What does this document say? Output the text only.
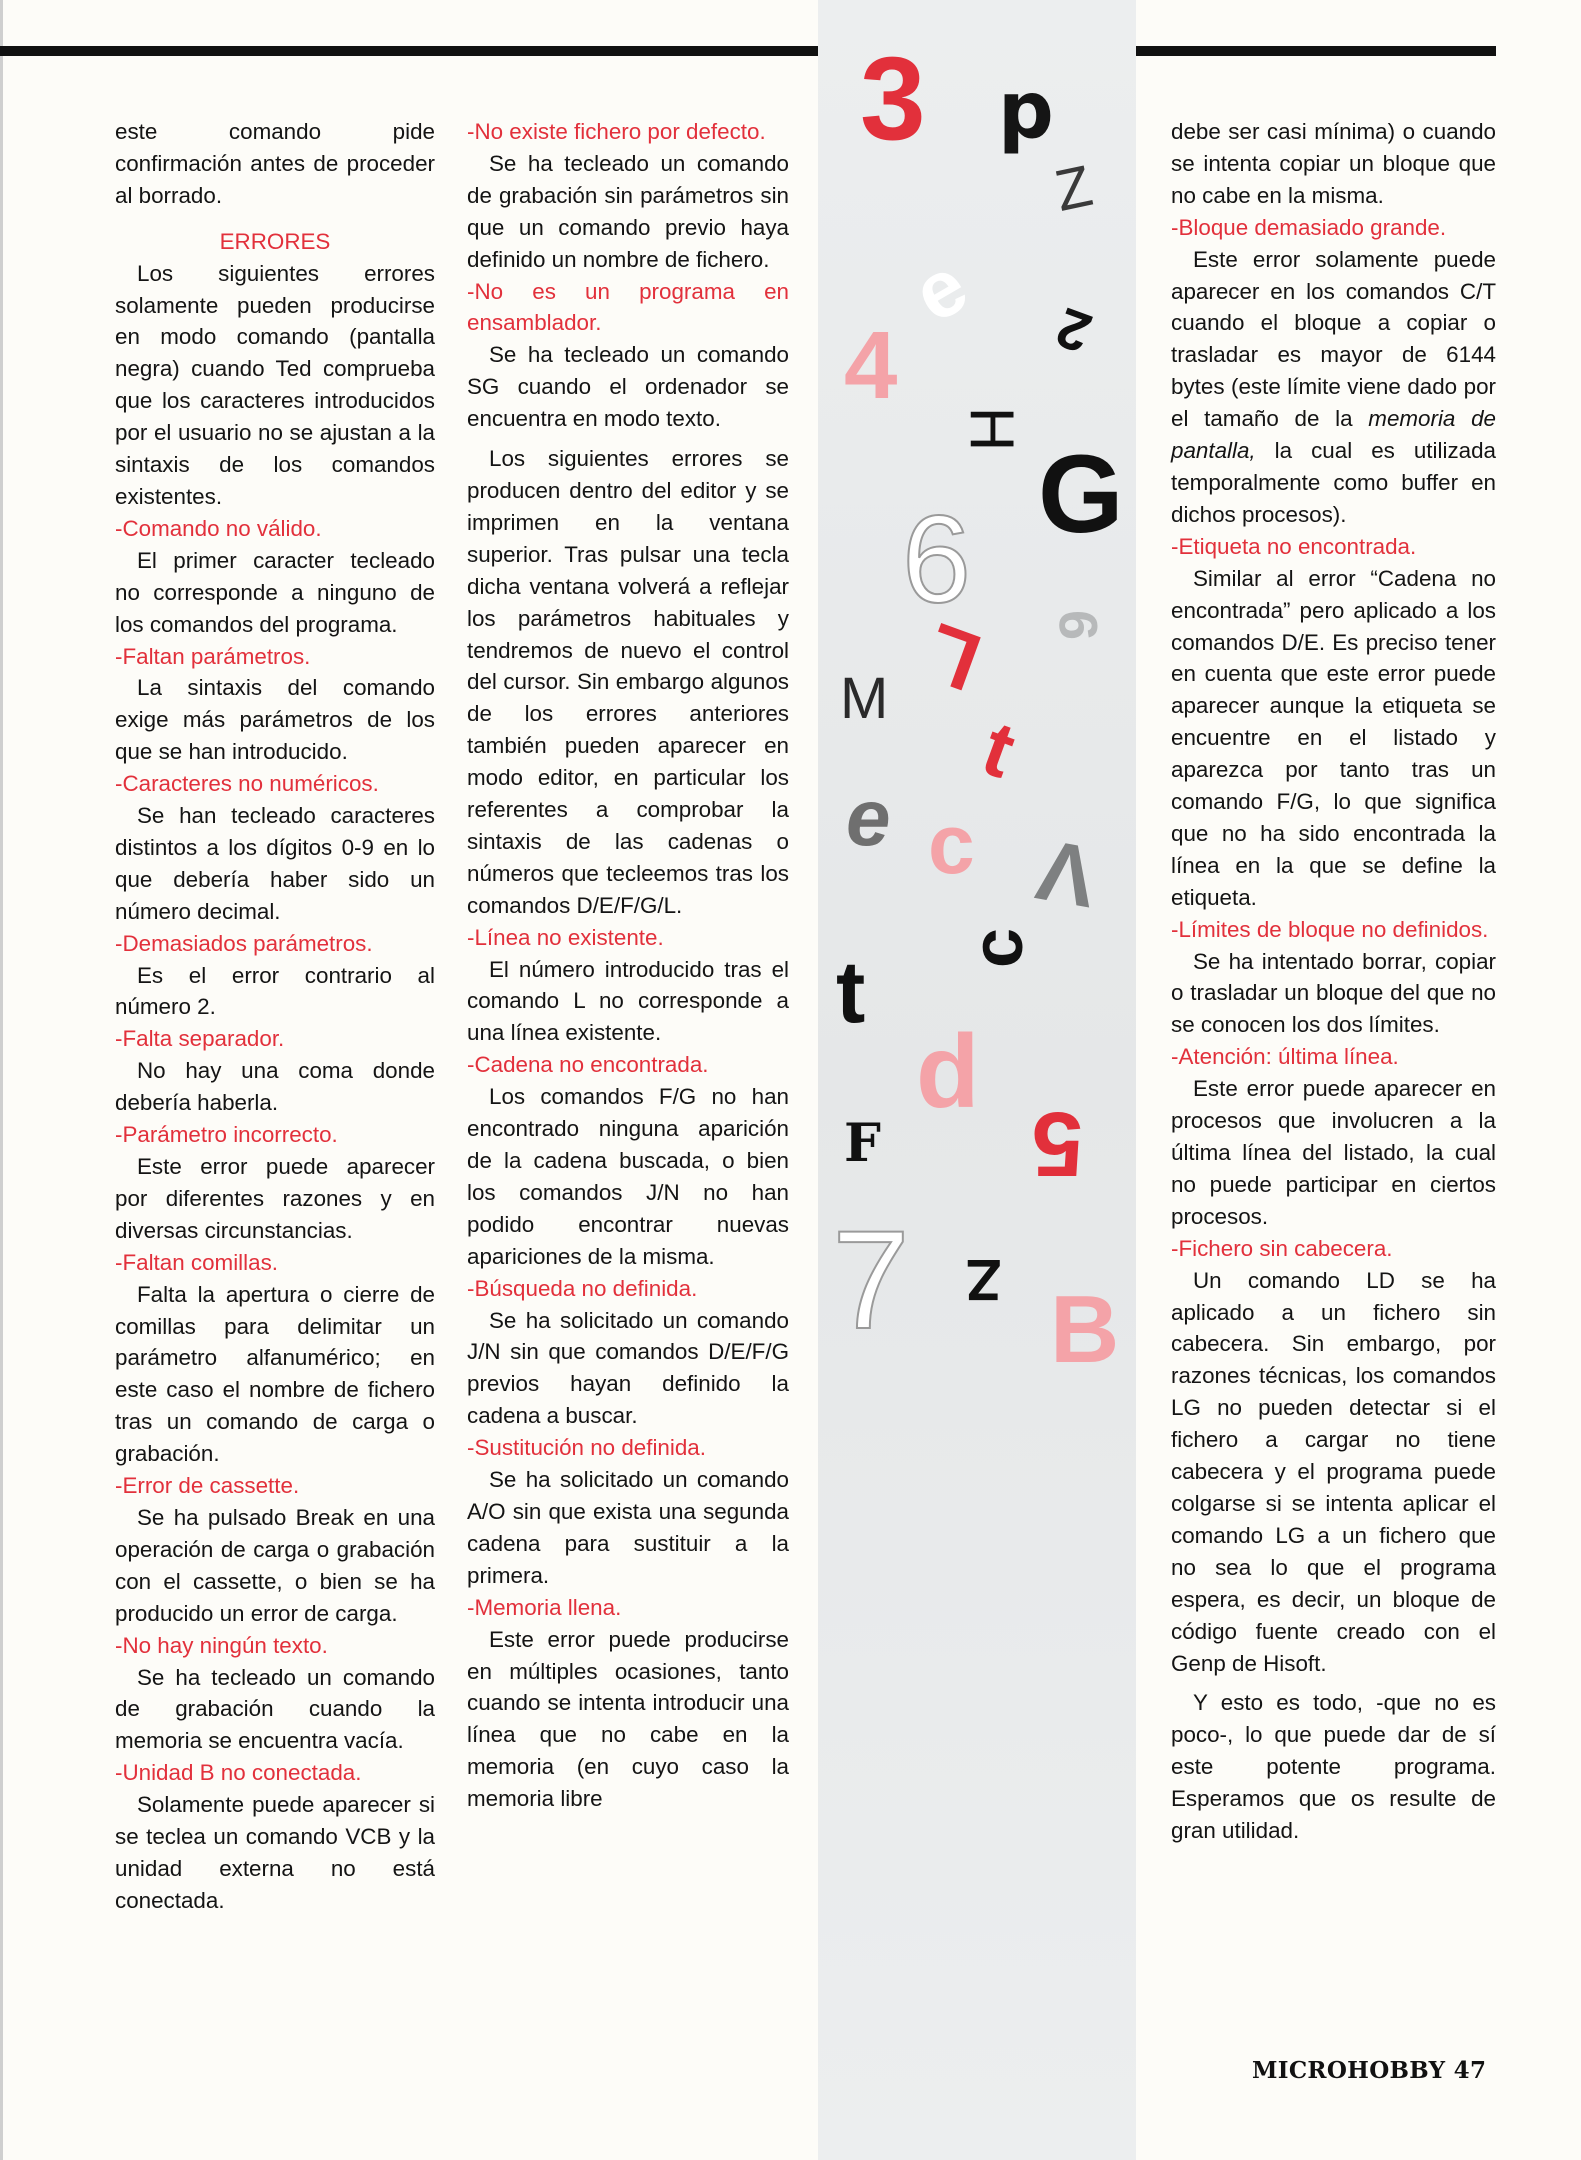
este comando pide confirmación antes de proceder al borrado.

ERRORES

Los siguientes errores solamente pueden producirse en modo comando (pantalla negra) cuando Ted comprueba que los caracteres introducidos por el usuario no se ajustan a la sintaxis de los comandos existentes.

-Comando no válido.

El primer caracter tecleado no corresponde a ninguno de los comandos del programa.

-Faltan parámetros.

La sintaxis del comando exige más parámetros de los que se han introducido.

-Caracteres no numéricos.

Se han tecleado caracteres distintos a los dígitos 0-9 en lo que debería haber sido un número decimal.

-Demasiados parámetros.

Es el error contrario al número 2.

-Falta separador.

No hay una coma donde debería haberla.

-Parámetro incorrecto.

Este error puede aparecer por diferentes razones y en diversas circunstancias.

-Faltan comillas.

Falta la apertura o cierre de comillas para delimitar un parámetro alfanumérico; en este caso el nombre de fichero tras un comando de carga o grabación.

-Error de cassette.

Se ha pulsado Break en una operación de carga o grabación con el cassette, o bien se ha producido un error de carga.

-No hay ningún texto.

Se ha tecleado un comando de grabación cuando la memoria se encuentra vacía.

-Unidad B no conectada.

Solamente puede aparecer si se teclea un comando VCB y la unidad externa no está conectada.

-No existe fichero por defecto.

Se ha tecleado un comando de grabación sin parámetros sin que un comando previo haya definido un nombre de fichero.

-No es un programa en ensamblador.

Se ha tecleado un comando SG cuando el ordenador se encuentra en modo texto.

Los siguientes errores se producen dentro del editor y se imprimen en la ventana superior. Tras pulsar una tecla dicha ventana volverá a reflejar los parámetros habituales y tendremos de nuevo el control del cursor. Sin embargo algunos de los errores anteriores también pueden aparecer en modo editor, en particular los referentes a comprobar la sintaxis de las cadenas o números que tecleemos tras los comandos D/E/F/G/L.

-Línea no existente.

El número introducido tras el comando L no corresponde a una línea existente.

-Cadena no encontrada.

Los comandos F/G no han encontrado ninguna aparición de la cadena buscada, o bien los comandos J/N no han podido encontrar nuevas apariciones de la misma.

-Búsqueda no definida.

Se ha solicitado un comando J/N sin que comandos D/E/F/G previos hayan definido la cadena a buscar.

-Sustitución no definida.

Se ha solicitado un comando A/O sin que exista una segunda cadena para sustituir a la primera.

-Memoria llena.

Este error puede producirse en múltiples ocasiones, tanto cuando se intenta introducir una línea que no cabe en la memoria (en cuyo caso la memoria libre

3 p
Z
e 2
4
H
G
6 9
L
M
t
e c V
c
t
d
F 5
7 Z B

debe ser casi mínima) o cuando se intenta copiar un bloque que no cabe en la misma.

-Bloque demasiado grande.

Este error solamente puede aparecer en los comandos C/T cuando el bloque a copiar o trasladar es mayor de 6144 bytes (este límite viene dado por el tamaño de la memoria de pantalla, la cual es utilizada temporalmente como buffer en dichos procesos).

-Etiqueta no encontrada.

Similar al error “Cadena no encontrada” pero aplicado a los comandos D/E. Es preciso tener en cuenta que este error puede aparecer aunque la etiqueta se encuentre en el listado y aparezca por tanto tras un comando F/G, lo que significa que no ha sido encontrada la línea en la que se define la etiqueta.

-Límites de bloque no definidos.

Se ha intentado borrar, copiar o trasladar un bloque del que no se conocen los dos límites.

-Atención: última línea.

Este error puede aparecer en procesos que involucren a la última línea del listado, la cual no puede participar en ciertos procesos.

-Fichero sin cabecera.

Un comando LD se ha aplicado a un fichero sin cabecera. Sin embargo, por razones técnicas, los comandos LG no pueden detectar si el fichero a cargar no tiene cabecera y el programa puede colgarse si se intenta aplicar el comando LG a un fichero que no sea lo que el programa espera, es decir, un bloque de código fuente creado con el Genp de Hisoft.

Y esto es todo, -que no es poco-, lo que puede dar de sí este potente programa. Esperamos que os resulte de gran utilidad.

MICROHOBBY 47
